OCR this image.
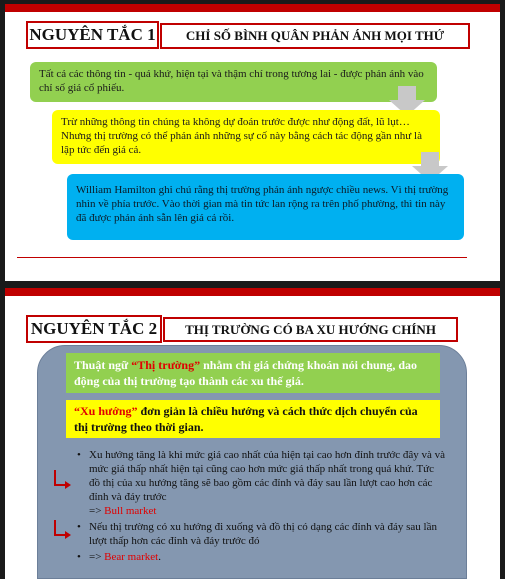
NGUYÊN TẮC 1 CHỈ SỐ BÌNH QUÂN PHẢN ÁNH MỌI THỨ
Tất cả các thông tin - quá khứ, hiện tại và thậm chí trong tương lai - được phản ánh vào chỉ số giá cổ phiếu.
Trừ những thông tin chúng ta không dự đoán trước được như động đất, lũ lụt… Nhưng thị trường có thể phản ánh những sự cố này bằng cách tác động gần như là lập tức đến giá cả.
William Hamilton ghi chú rằng thị trường phản ánh ngược chiều news. Vì thị trường nhìn về phía trước. Vào thời gian mà tin tức lan rộng ra trên phố phường, thì tin này đã được phản ánh sẵn lên giá cả rồi.
NGUYÊN TẮC 2 THỊ TRƯỜNG CÓ BA XU HƯỚNG CHÍNH
Thuật ngữ “Thị trường” nhằm chỉ giá chứng khoán nói chung, dao động của thị trường tạo thành các xu thế giá.
“Xu hướng” đơn giản là chiều hướng và cách thức dịch chuyển của thị trường theo thời gian.
• Xu hướng tăng là khi mức giá cao nhất của hiện tại cao hơn đỉnh trước đây và và mức giá thấp nhất hiện tại cũng cao hơn mức giá thấp nhất trong quá khứ. Tức đồ thị của xu hướng tăng sẽ bao gồm các đỉnh và đáy sau lần lượt cao hơn các đỉnh và đáy trước
=> Bull market
• Nếu thị trường có xu hướng đi xuống và đồ thị có dạng các đỉnh và đáy sau lần lượt thấp hơn các đỉnh và đáy trước đó
• => Bear market.
